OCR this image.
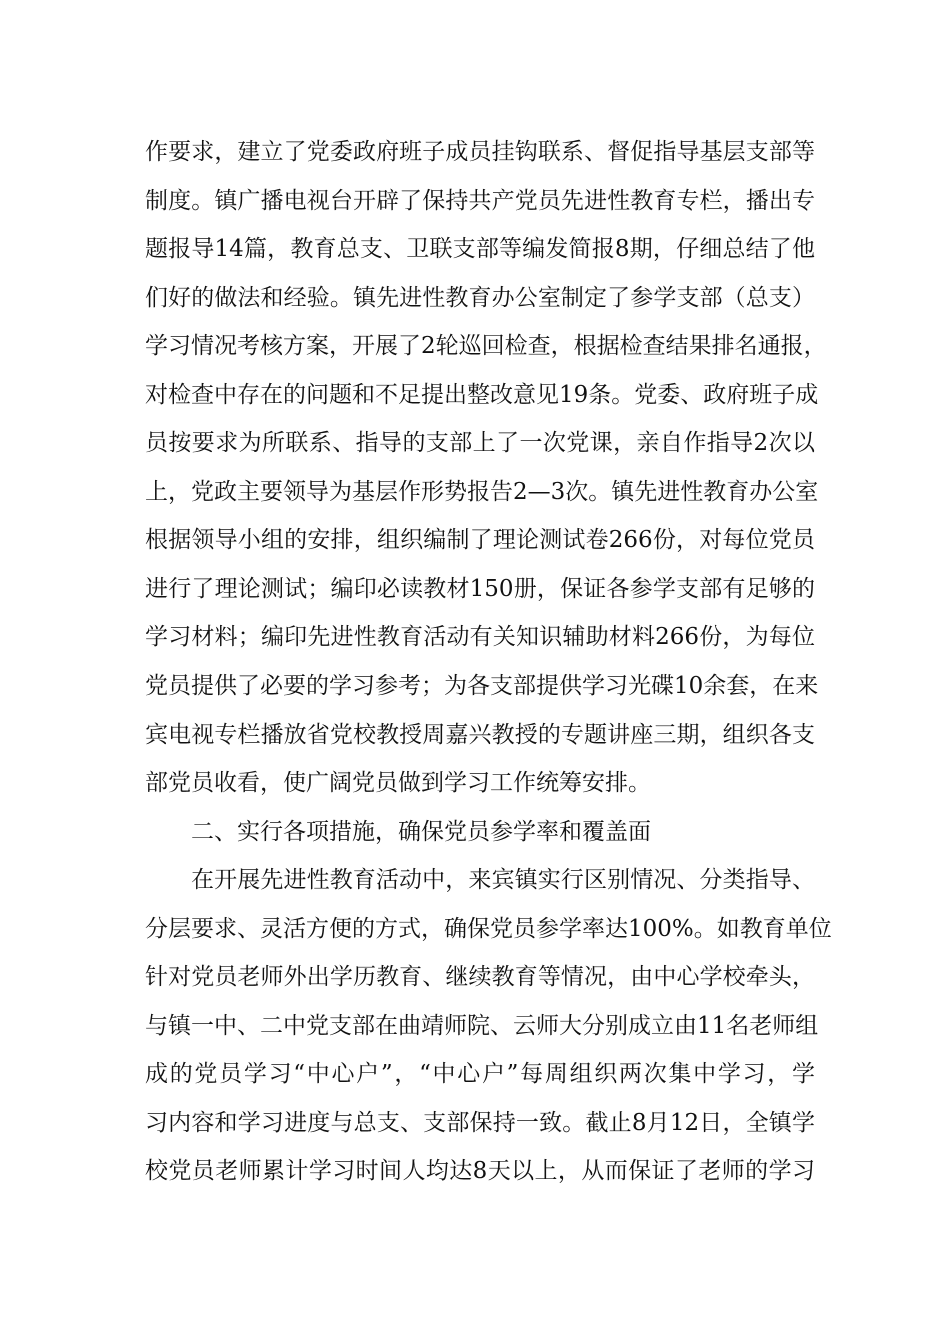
作要求，建立了党委政府班子成员挂钩联系、督促指导基层支部等
制度。镇广播电视台开辟了保持共产党员先进性教育专栏，播出专
题报导14篇，教育总支、卫联支部等编发简报8期，仔细总结了他
们好的做法和经验。镇先进性教育办公室制定了参学支部（总支）
学习情况考核方案，开展了2轮巡回检查，根据检查结果排名通报，
对检查中存在的问题和不足提出整改意见19条。党委、政府班子成
员按要求为所联系、指导的支部上了一次党课，亲自作指导2次以
上，党政主要领导为基层作形势报告2—3次。镇先进性教育办公室
根据领导小组的安排，组织编制了理论测试卷266份，对每位党员
进行了理论测试；编印必读教材150册，保证各参学支部有足够的
学习材料；编印先进性教育活动有关知识辅助材料266份，为每位
党员提供了必要的学习参考；为各支部提供学习光碟10余套，在来
宾电视专栏播放省党校教授周嘉兴教授的专题讲座三期，组织各支
部党员收看，使广阔党员做到学习工作统筹安排。
二、实行各项措施，确保党员参学率和覆盖面
在开展先进性教育活动中，来宾镇实行区别情况、分类指导、
分层要求、灵活方便的方式，确保党员参学率达100%。如教育单位
针对党员老师外出学历教育、继续教育等情况，由中心学校牵头，
与镇一中、二中党支部在曲靖师院、云师大分别成立由11名老师组
成的党员学习“中心户”，“中心户”每周组织两次集中学习，学
习内容和学习进度与总支、支部保持一致。截止8月12日，全镇学
校党员老师累计学习时间人均达8天以上，从而保证了老师的学习
